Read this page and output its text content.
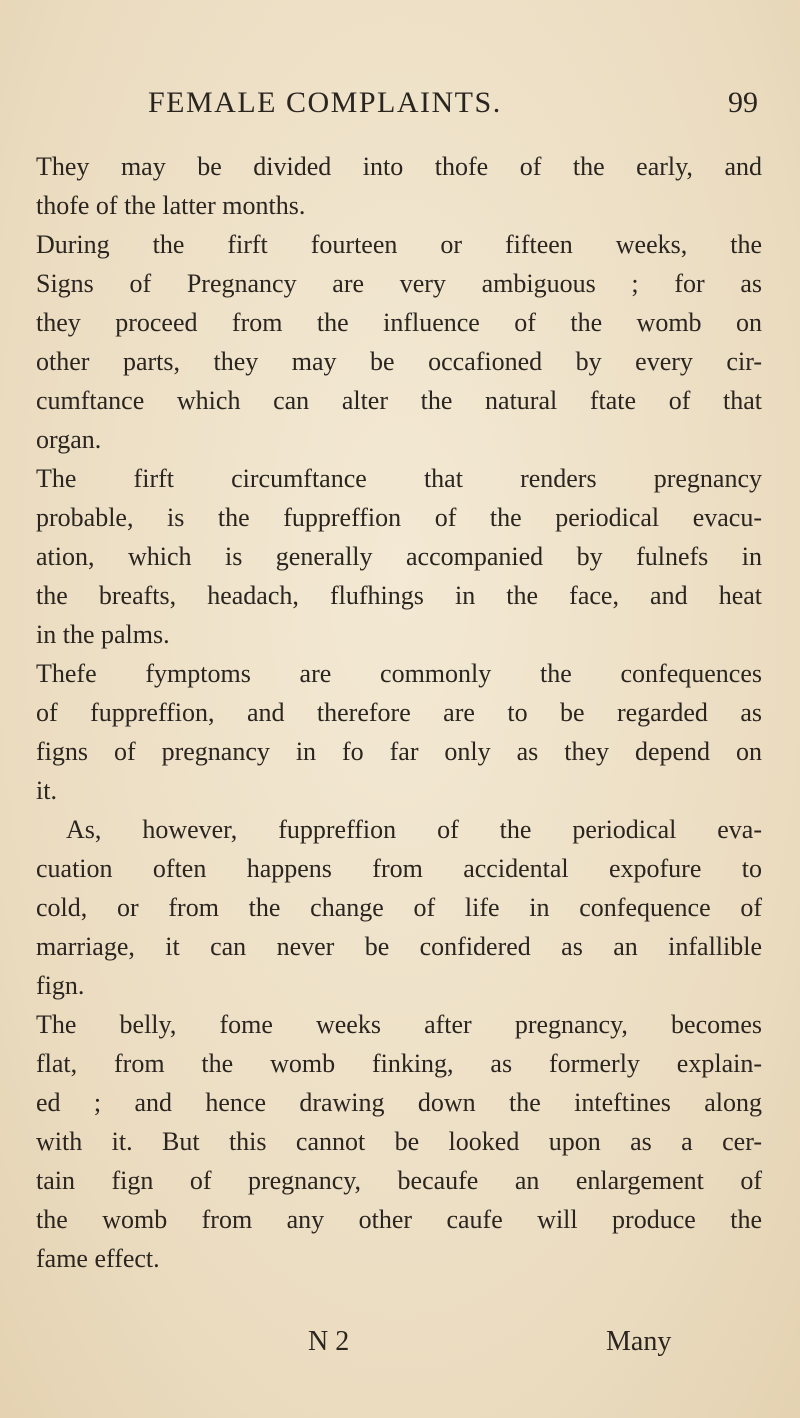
FEMALE COMPLAINTS.	99
They may be divided into thofe of the early, and
thofe of the latter months.
During the firft fourteen or fifteen weeks, the
Signs of Pregnancy are very ambiguous ; for as
they proceed from the influence of the womb on
other parts, they may be occafioned by every cir-
cumftance which can alter the natural ftate of that
organ.
The firft circumftance that renders pregnancy
probable, is the fuppreffion of the periodical evacu-
ation, which is generally accompanied by fulnefs in
the breafts, headach, flufhings in the face, and heat
in the palms.
Thefe fymptoms are commonly the confequences
of fuppreffion, and therefore are to be regarded as
figns of pregnancy in fo far only as they depend on
it.
As, however, fuppreffion of the periodical eva-
cuation often happens from accidental expofure to
cold, or from the change of life in confequence of
marriage, it can never be confidered as an infallible
fign.
The belly, fome weeks after pregnancy, becomes
flat, from the womb finking, as formerly explain-
ed ; and hence drawing down the inteftines along
with it. But this cannot be looked upon as a cer-
tain fign of pregnancy, becaufe an enlargement of
the womb from any other caufe will produce the
fame effect.
N 2	Many
